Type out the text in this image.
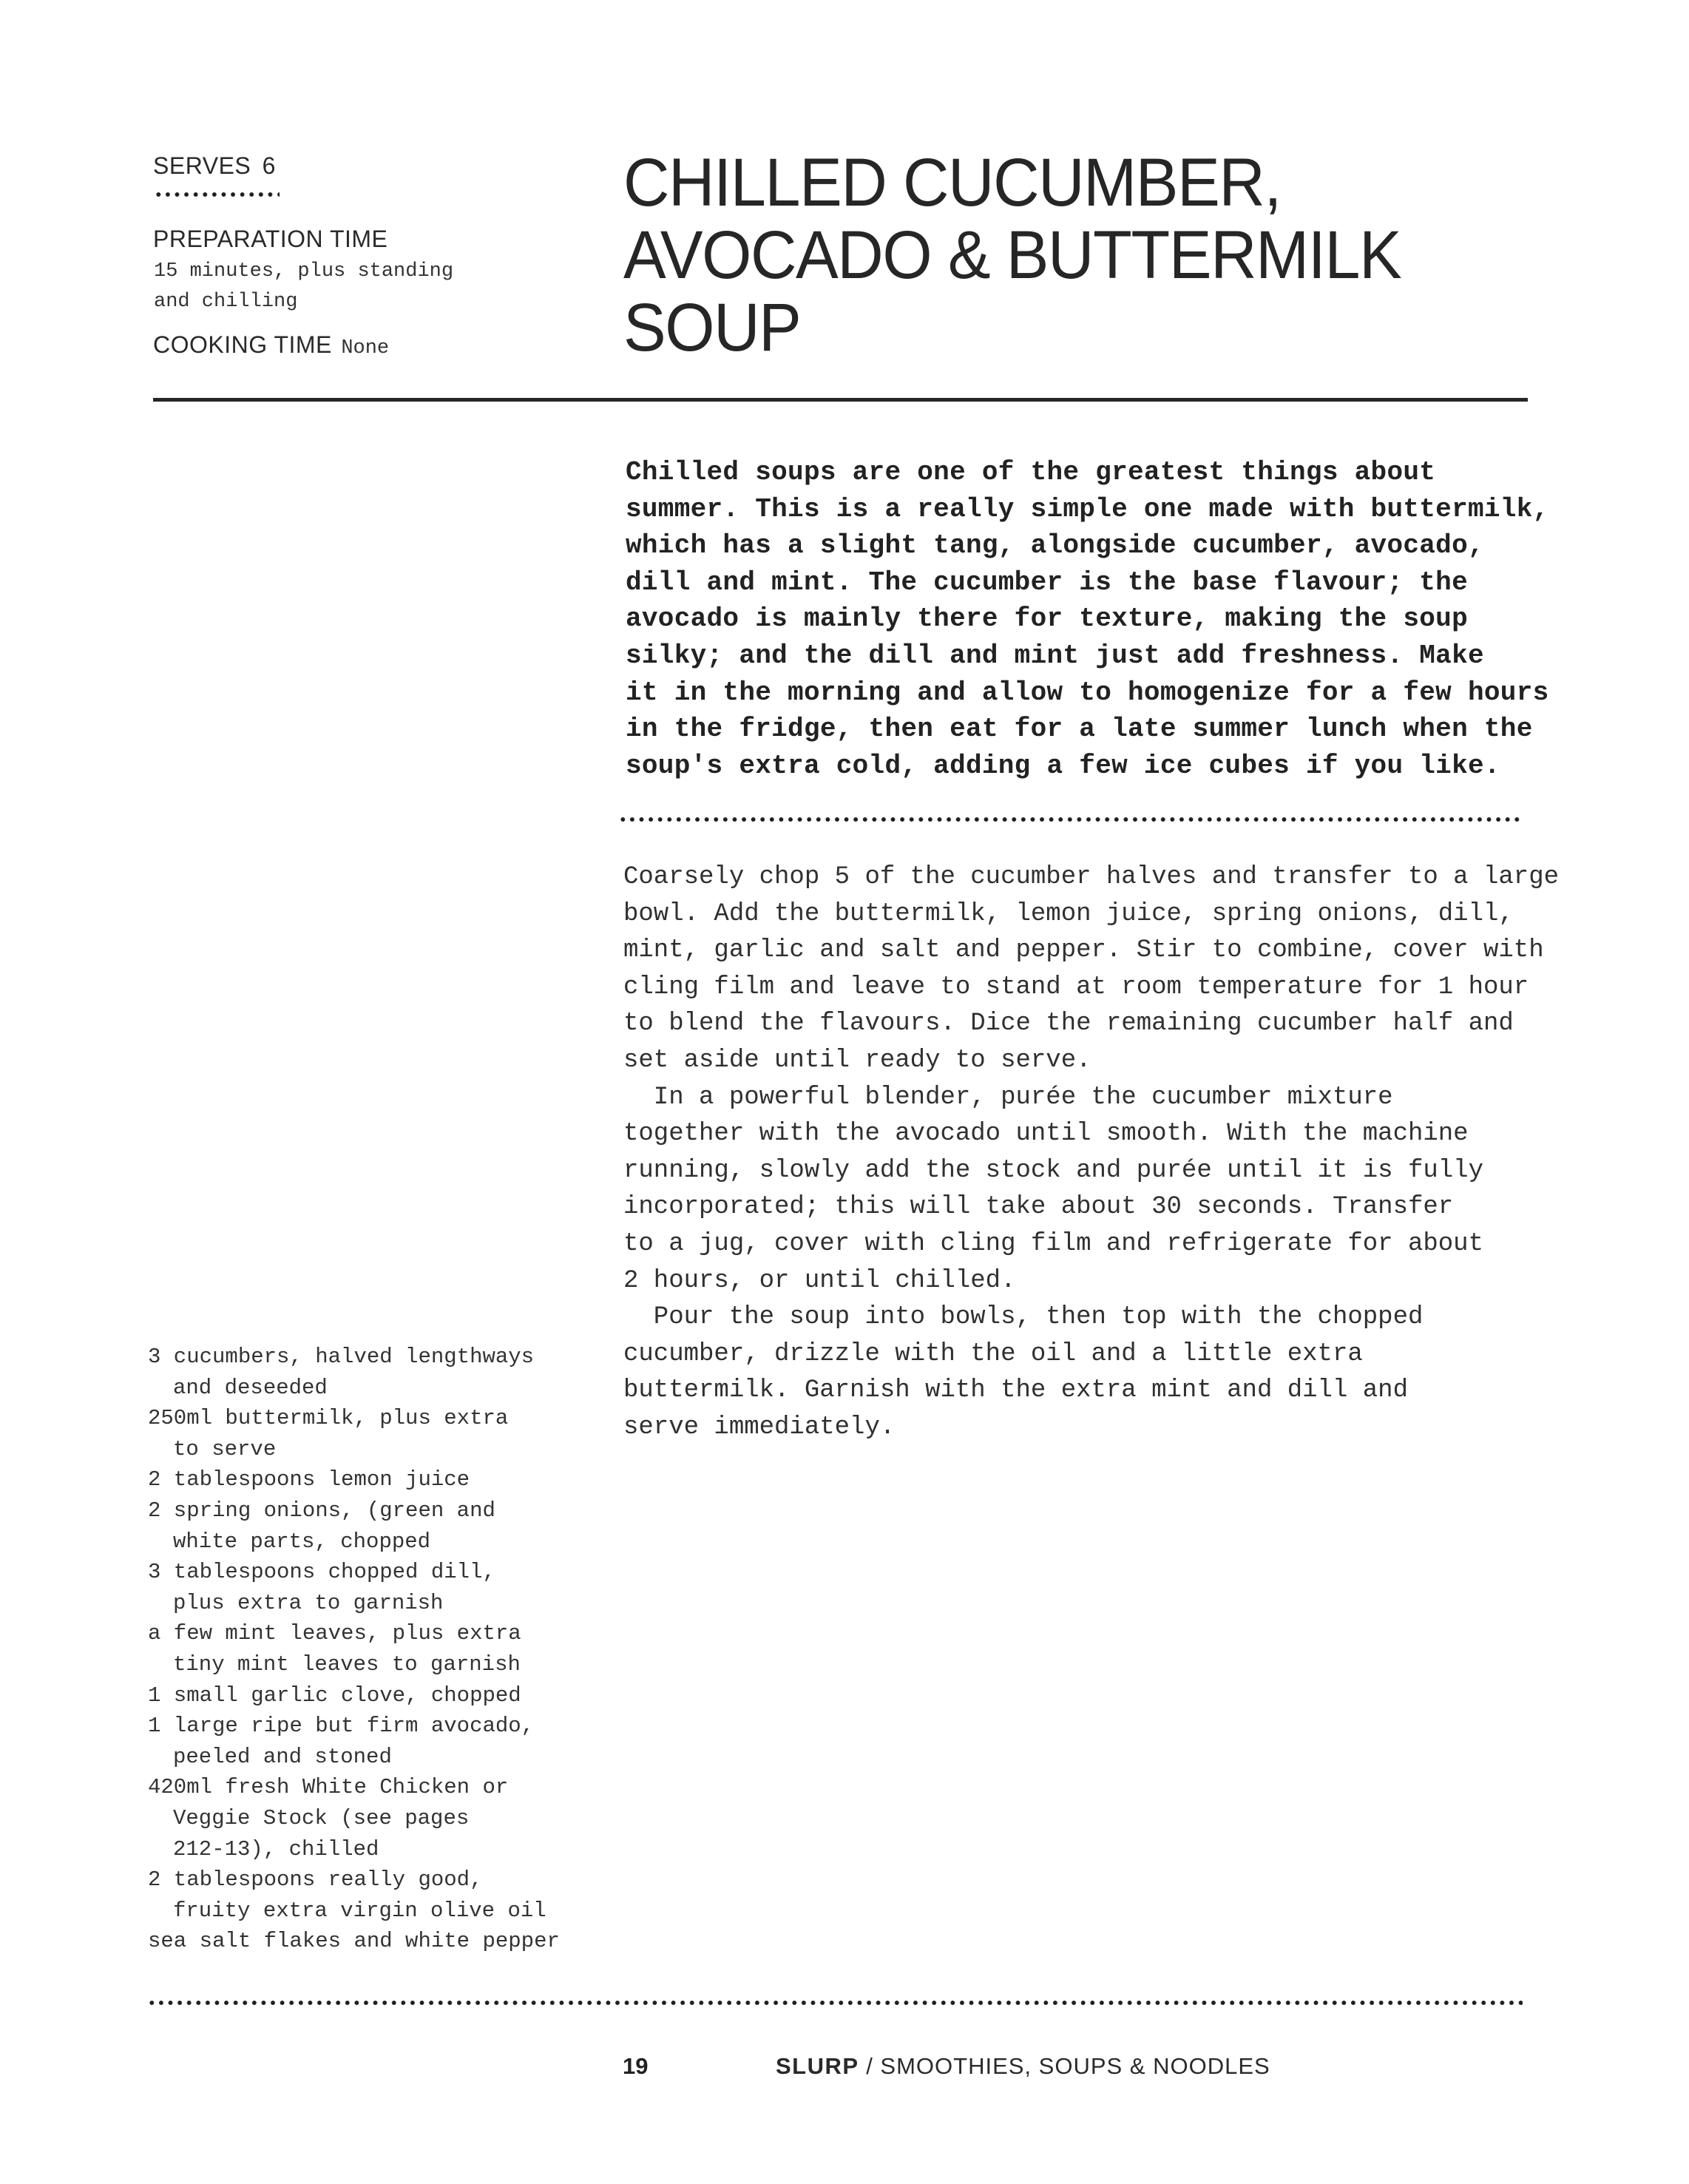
SERVES 6
PREPARATION TIME
15 minutes, plus standing
and chilling
COOKING TIME None
CHILLED CUCUMBER,
AVOCADO & BUTTERMILK
SOUP
Chilled soups are one of the greatest things about
summer. This is a really simple one made with buttermilk,
which has a slight tang, alongside cucumber, avocado,
dill and mint. The cucumber is the base flavour; the
avocado is mainly there for texture, making the soup
silky; and the dill and mint just add freshness. Make
it in the morning and allow to homogenize for a few hours
in the fridge, then eat for a late summer lunch when the
soup's extra cold, adding a few ice cubes if you like.
Coarsely chop 5 of the cucumber halves and transfer to a large
bowl. Add the buttermilk, lemon juice, spring onions, dill,
mint, garlic and salt and pepper. Stir to combine, cover with
cling film and leave to stand at room temperature for 1 hour
to blend the flavours. Dice the remaining cucumber half and
set aside until ready to serve.
In a powerful blender, purée the cucumber mixture
together with the avocado until smooth. With the machine
running, slowly add the stock and purée until it is fully
incorporated; this will take about 30 seconds. Transfer
to a jug, cover with cling film and refrigerate for about
2 hours, or until chilled.
Pour the soup into bowls, then top with the chopped
cucumber, drizzle with the oil and a little extra
buttermilk. Garnish with the extra mint and dill and
serve immediately.
3 cucumbers, halved lengthways
and deseeded
250ml buttermilk, plus extra
to serve
2 tablespoons lemon juice
2 spring onions, (green and
white parts, chopped
3 tablespoons chopped dill,
plus extra to garnish
a few mint leaves, plus extra
tiny mint leaves to garnish
1 small garlic clove, chopped
1 large ripe but firm avocado,
peeled and stoned
420ml fresh White Chicken or
Veggie Stock (see pages
212-13), chilled
2 tablespoons really good,
fruity extra virgin olive oil
sea salt flakes and white pepper
19	SLURP / SMOOTHIES, SOUPS & NOODLES
